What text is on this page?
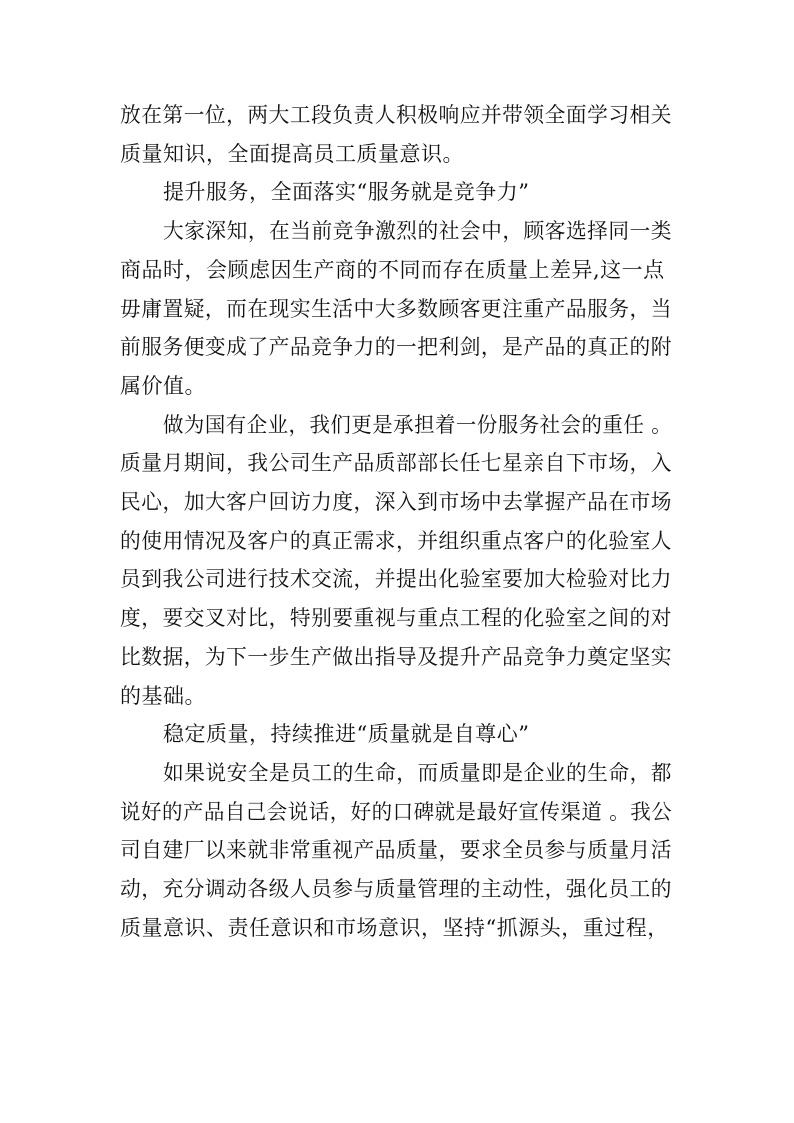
放在第一位，两大工段负责人积极响应并带领全面学习相关
质量知识，全面提高员工质量意识。
提升服务，全面落实“服务就是竞争力”
大家深知，在当前竞争激烈的社会中，顾客选择同一类
商品时，会顾虑因生产商的不同而存在质量上差异,这一点
毋庸置疑，而在现实生活中大多数顾客更注重产品服务，当
前服务便变成了产品竞争力的一把利剑，是产品的真正的附
属价值。
做为国有企业，我们更是承担着一份服务社会的重任 。
质量月期间，我公司生产品质部部长任七星亲自下市场，入
民心，加大客户回访力度，深入到市场中去掌握产品在市场
的使用情况及客户的真正需求，并组织重点客户的化验室人
员到我公司进行技术交流，并提出化验室要加大检验对比力
度，要交叉对比，特别要重视与重点工程的化验室之间的对
比数据，为下一步生产做出指导及提升产品竞争力奠定坚实
的基础。
稳定质量，持续推进“质量就是自尊心”
如果说安全是员工的生命，而质量即是企业的生命，都
说好的产品自己会说话，好的口碑就是最好宣传渠道 。我公
司自建厂以来就非常重视产品质量，要求全员参与质量月活
动，充分调动各级人员参与质量管理的主动性，强化员工的
质量意识、责任意识和市场意识，坚持“抓源头，重过程，
